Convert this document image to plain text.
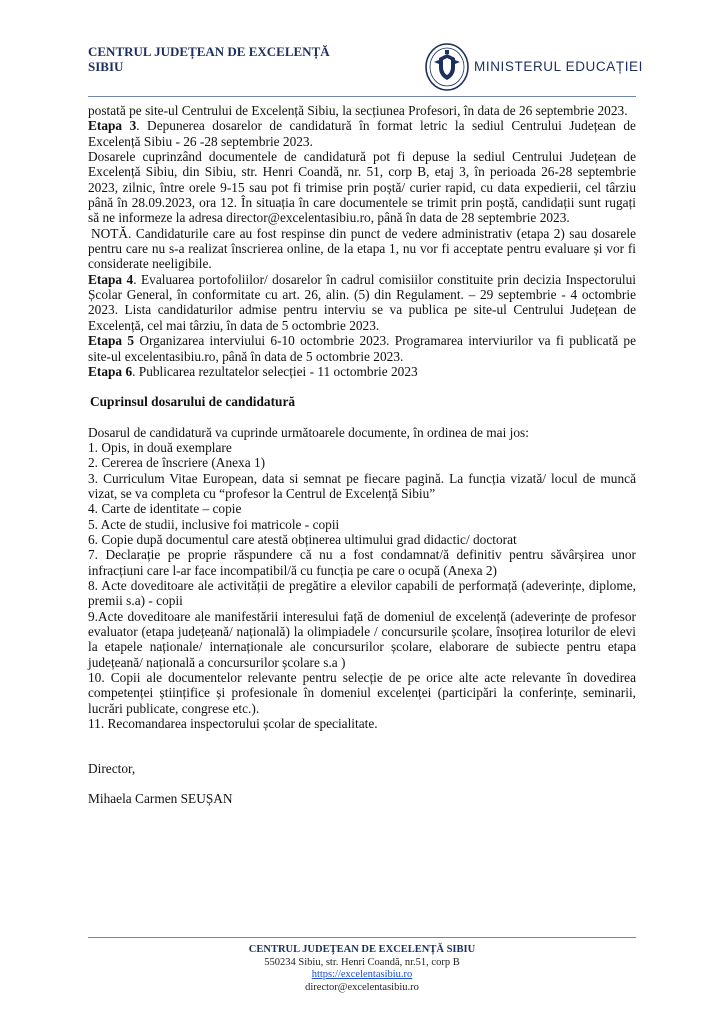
CENTRUL JUDEȚEAN DE EXCELENȚĂ
SIBIU	MINISTERUL EDUCAȚIEI

postată pe site-ul Centrului de Excelență Sibiu, la secțiunea Profesori, în data de 26 septembrie 2023.

Etapa 3. Depunerea dosarelor de candidatură în format letric la sediul Centrului Județean de Excelență Sibiu - 26 -28 septembrie 2023.

Dosarele cuprinzând documentele de candidatură pot fi depuse la sediul Centrului Județean de Excelență Sibiu, din Sibiu, str. Henri Coandă, nr. 51, corp B, etaj 3, în perioada 26-28 septembrie 2023, zilnic, între orele 9-15 sau pot fi trimise prin poștă/ curier rapid, cu data expedierii, cel târziu până în 28.09.2023, ora 12. În situația în care documentele se trimit prin poștă, candidații sunt rugați să ne informeze la adresa director@excelentasibiu.ro, până în data de 28 septembrie 2023.

NOTĂ. Candidaturile care au fost respinse din punct de vedere administrativ (etapa 2) sau dosarele pentru care nu s-a realizat înscrierea online, de la etapa 1, nu vor fi acceptate pentru evaluare și vor fi considerate neeligibile.

Etapa 4. Evaluarea portofoliilor/ dosarelor în cadrul comisiilor constituite prin decizia Inspectorului Școlar General, în conformitate cu art. 26, alin. (5) din Regulament. – 29 septembrie - 4 octombrie 2023. Lista candidaturilor admise pentru interviu se va publica pe site-ul Centrului Județean de Excelență, cel mai târziu, în data de 5 octombrie 2023.

Etapa 5 Organizarea interviului 6-10 octombrie 2023. Programarea interviurilor va fi publicată pe site-ul excelentasibiu.ro, până în data de 5 octombrie 2023.

Etapa 6. Publicarea rezultatelor selecției - 11 octombrie 2023

Cuprinsul dosarului de candidatură

Dosarul de candidatură va cuprinde următoarele documente, în ordinea de mai jos:

1. Opis, in două exemplare

2. Cererea de înscriere (Anexa 1)

3. Curriculum Vitae European, data si semnat pe fiecare pagină. La funcția vizată/ locul de muncă vizat, se va completa cu “profesor la Centrul de Excelență Sibiu”

4. Carte de identitate – copie

5. Acte de studii, inclusive foi matricole - copii

6. Copie după documentul care atestă obținerea ultimului grad didactic/ doctorat

7. Declarație pe proprie răspundere că nu a fost condamnat/ă definitiv pentru săvârșirea unor infracțiuni care l-ar face incompatibil/ă cu funcția pe care o ocupă (Anexa 2)

8. Acte doveditoare ale activității de pregătire a elevilor capabili de performață (adeverințe, diplome, premii s.a) - copii

9.Acte doveditoare ale manifestării interesului față de domeniul de excelență (adeverințe de profesor evaluator (etapa județeană/ națională) la olimpiadele / concursurile școlare, însoțirea loturilor de elevi la etapele naționale/ internaționale ale concursurilor școlare, elaborare de subiecte pentru etapa județeană/ națională a concursurilor școlare s.a )

10. Copii ale documentelor relevante pentru selecție de pe orice alte acte relevante în dovedirea competenței științifice și profesionale în domeniul excelenței (participări la conferințe, seminarii, lucrări publicate, congrese etc.).

11. Recomandarea inspectorului școlar de specialitate.

Director,

Mihaela Carmen SEUȘAN

CENTRUL JUDEȚEAN DE EXCELENȚĂ SIBIU
550234 Sibiu, str. Henri Coandă, nr.51, corp B
https://excelentasibiu.ro
director@excelentasibiu.ro
